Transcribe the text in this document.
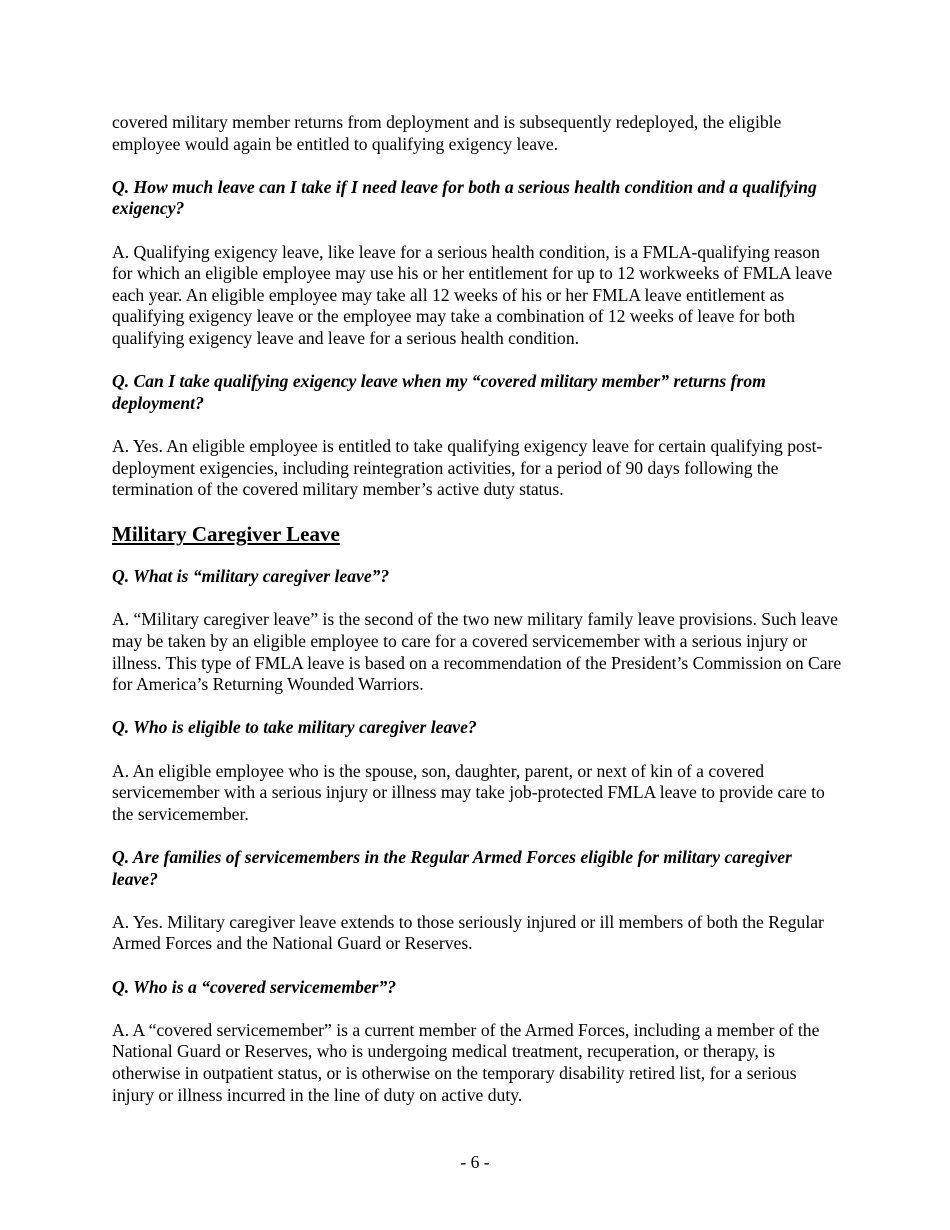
covered military member returns from deployment and is subsequently redeployed, the eligible employee would again be entitled to qualifying exigency leave.

Q. How much leave can I take if I need leave for both a serious health condition and a qualifying exigency?

A. Qualifying exigency leave, like leave for a serious health condition, is a FMLA-qualifying reason for which an eligible employee may use his or her entitlement for up to 12 workweeks of FMLA leave each year. An eligible employee may take all 12 weeks of his or her FMLA leave entitlement as qualifying exigency leave or the employee may take a combination of 12 weeks of leave for both qualifying exigency leave and leave for a serious health condition.

Q. Can I take qualifying exigency leave when my “covered military member” returns from deployment?

A. Yes. An eligible employee is entitled to take qualifying exigency leave for certain qualifying post-deployment exigencies, including reintegration activities, for a period of 90 days following the termination of the covered military member’s active duty status.

Military Caregiver Leave

Q. What is “military caregiver leave”?

A. “Military caregiver leave” is the second of the two new military family leave provisions. Such leave may be taken by an eligible employee to care for a covered servicemember with a serious injury or illness. This type of FMLA leave is based on a recommendation of the President’s Commission on Care for America’s Returning Wounded Warriors.

Q. Who is eligible to take military caregiver leave?

A. An eligible employee who is the spouse, son, daughter, parent, or next of kin of a covered servicemember with a serious injury or illness may take job-protected FMLA leave to provide care to the servicemember.

Q. Are families of servicemembers in the Regular Armed Forces eligible for military caregiver leave?

A. Yes. Military caregiver leave extends to those seriously injured or ill members of both the Regular Armed Forces and the National Guard or Reserves.

Q. Who is a “covered servicemember”?

A. A “covered servicemember” is a current member of the Armed Forces, including a member of the National Guard or Reserves, who is undergoing medical treatment, recuperation, or therapy, is otherwise in outpatient status, or is otherwise on the temporary disability retired list, for a serious injury or illness incurred in the line of duty on active duty.

- 6 -
